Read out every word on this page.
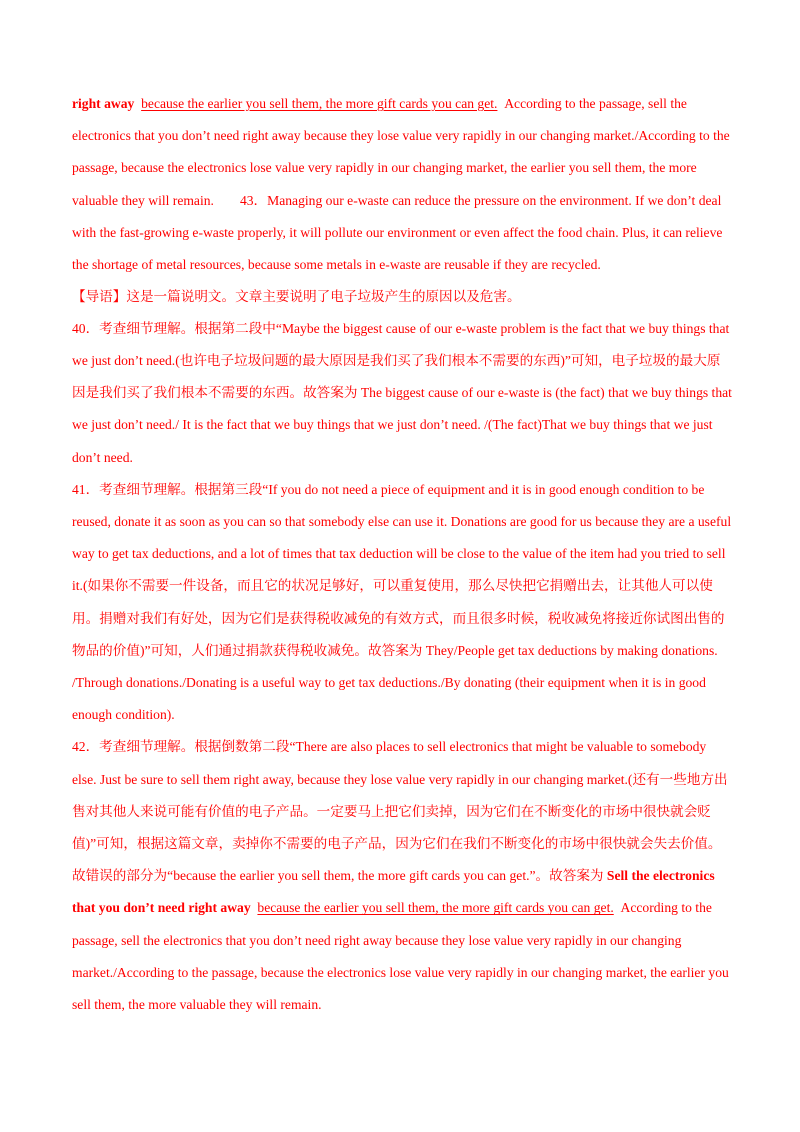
right away because the earlier you sell them, the more gift cards you can get. According to the passage, sell the electronics that you don’t need right away because they lose value very rapidly in our changing market./According to the passage, because the electronics lose value very rapidly in our changing market, the earlier you sell them, the more valuable they will remain. 43．Managing our e-waste can reduce the pressure on the environment. If we don’t deal with the fast-growing e-waste properly, it will pollute our environment or even affect the food chain. Plus, it can relieve the shortage of metal resources, because some metals in e-waste are reusable if they are recycled.

【导语】这是一篇说明文。文章主要说明了电子垃圾产生的原因以及危害。

40．考查细节理解。根据第二段中“Maybe the biggest cause of our e-waste problem is the fact that we buy things that we just don’t need.(也许电子垃圾问题的最大原因是我们买了我们根本不需要的东西)”可知，电子垃圾的最大原因是我们买了我们根本不需要的东西。故答案为 The biggest cause of our e-waste is (the fact) that we buy things that we just don’t need./ It is the fact that we buy things that we just don’t need. /(The fact)That we buy things that we just don’t need.

41．考查细节理解。根据第三段“If you do not need a piece of equipment and it is in good enough condition to be reused, donate it as soon as you can so that somebody else can use it. Donations are good for us because they are a useful way to get tax deductions, and a lot of times that tax deduction will be close to the value of the item had you tried to sell it.(如果你不需要一件设备，而且它的状况足够好，可以重复使用，那么尽快把它捐赠出去，让其他人可以使用。捐赠对我们有好处，因为它们是获得税收减免的有效方式，而且很多时候，税收减免将接近你试图出售的物品的价值)”可知，人们通过捐款获得税收减免。故答案为 They/People get tax deductions by making donations. /Through donations./Donating is a useful way to get tax deductions./By donating (their equipment when it is in good enough condition).

42．考查细节理解。根据倒数第二段“There are also places to sell electronics that might be valuable to somebody else. Just be sure to sell them right away, because they lose value very rapidly in our changing market.(还有一些地方出售对其他人来说可能有价值的电子产品。一定要马上把它们卖掉，因为它们在不断变化的市场中很快就会贬值)”可知，根据这篇文章，卖掉你不需要的电子产品，因为它们在我们不断变化的市场中很快就会失去价值。故错误的部分为“because the earlier you sell them, the more gift cards you can get.”。故答案为 Sell the electronics that you don’t need right away because the earlier you sell them, the more gift cards you can get. According to the passage, sell the electronics that you don’t need right away because they lose value very rapidly in our changing market./According to the passage, because the electronics lose value very rapidly in our changing market, the earlier you sell them, the more valuable they will remain.
